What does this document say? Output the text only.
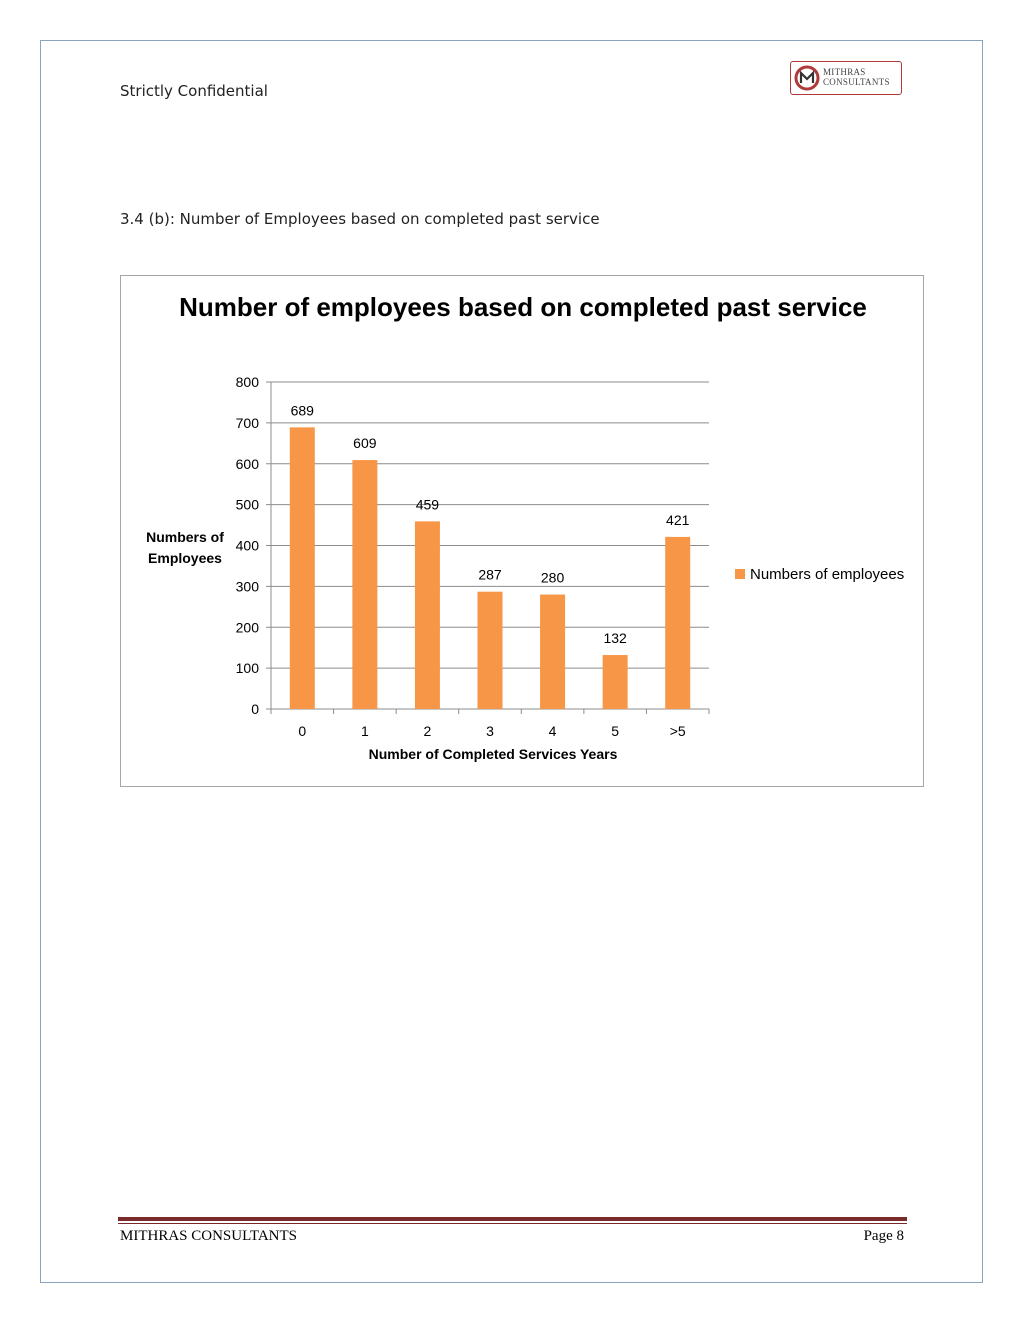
Strictly Confidential
MITHRAS
CONSULTANTS
3.4 (b): Number of Employees based on completed past service
Number of employees based on completed past service
0
100
200
300
400
500
600
700
800
689
0
609
1
459
2
287
3
280
4
132
5
421
>5
Numbers of Employees
Number of Completed Services Years
Numbers of employees
MITHRAS CONSULTANTS	Page 8
